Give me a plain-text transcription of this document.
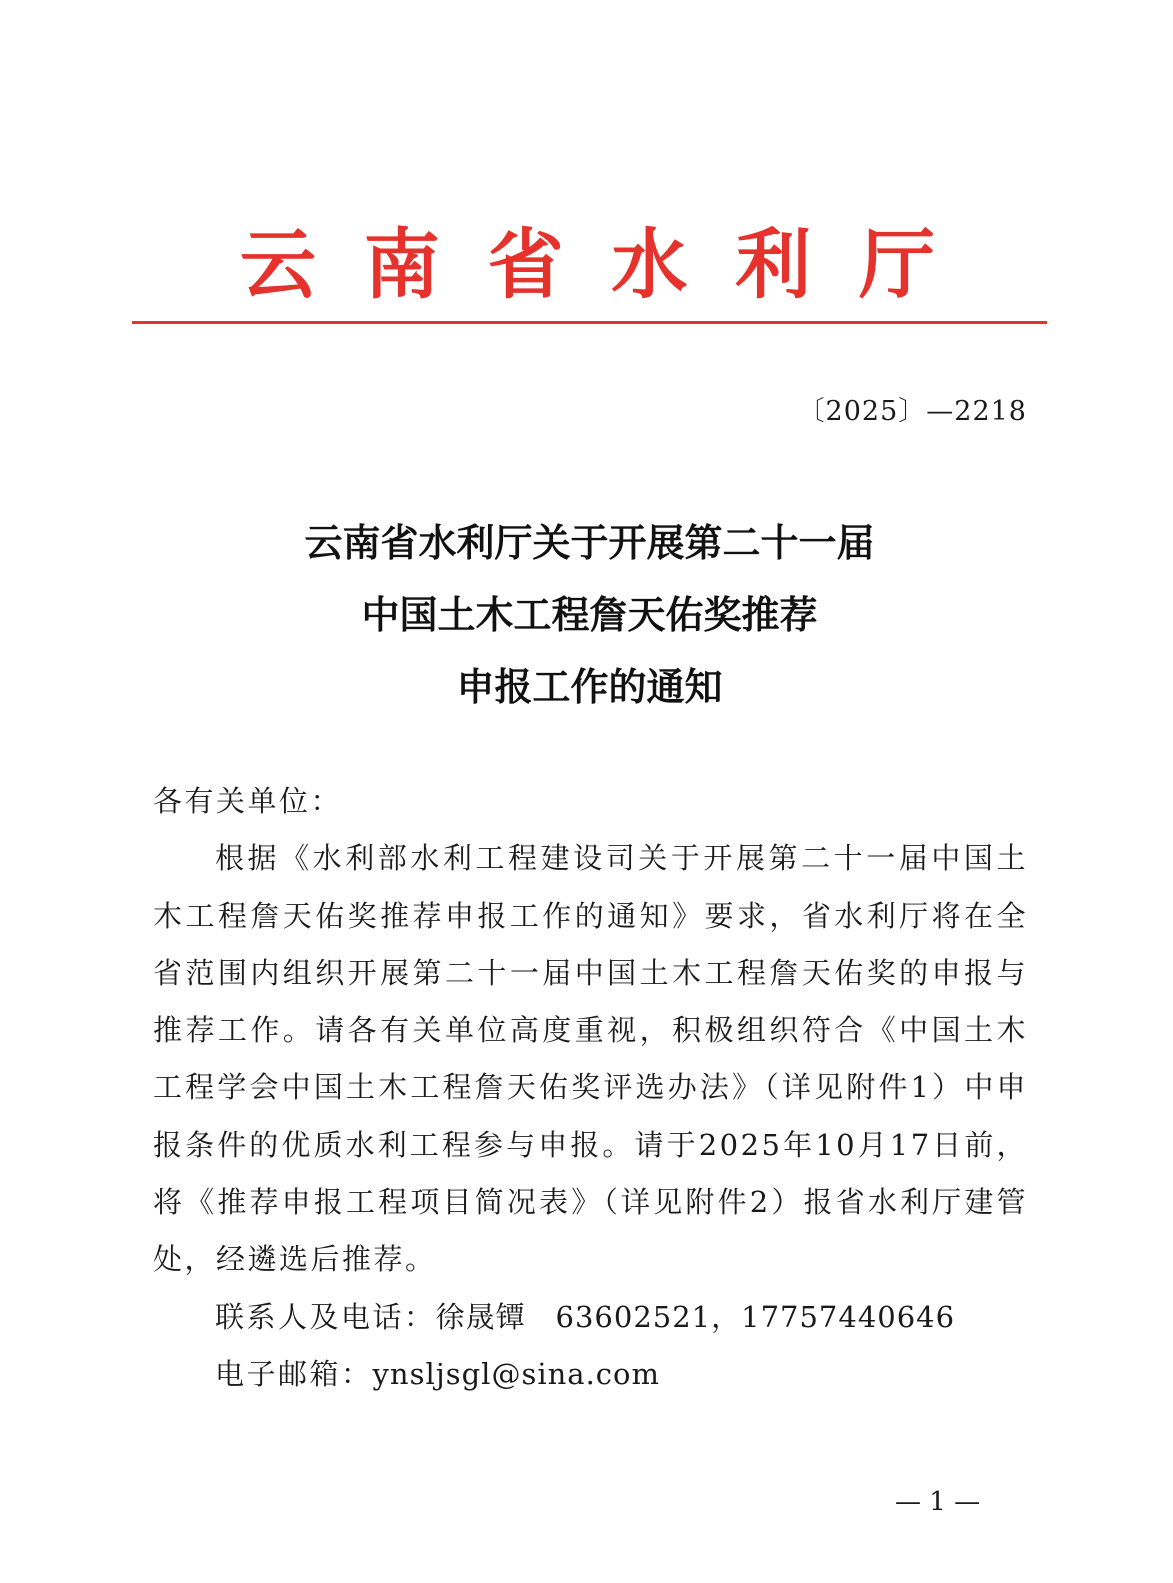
云 南 省 水 利 厅
〔2025〕—2218
云南省水利厅关于开展第二十一届
中国土木工程詹天佑奖推荐
申报工作的通知
各有关单位：
根据《水利部水利工程建设司关于开展第二十一届中国土木工程詹天佑奖推荐申报工作的通知》要求，省水利厅将在全省范围内组织开展第二十一届中国土木工程詹天佑奖的申报与推荐工作。请各有关单位高度重视，积极组织符合《中国土木工程学会中国土木工程詹天佑奖评选办法》（详见附件1）中申报条件的优质水利工程参与申报。请于2025年10月17日前，将《推荐申报工程项目简况表》（详见附件2）报省水利厅建管处，经遴选后推荐。
联系人及电话：徐晟镡　63602521，17757440646
电子邮箱：ynsljsgl@sina.com
— 1 —
